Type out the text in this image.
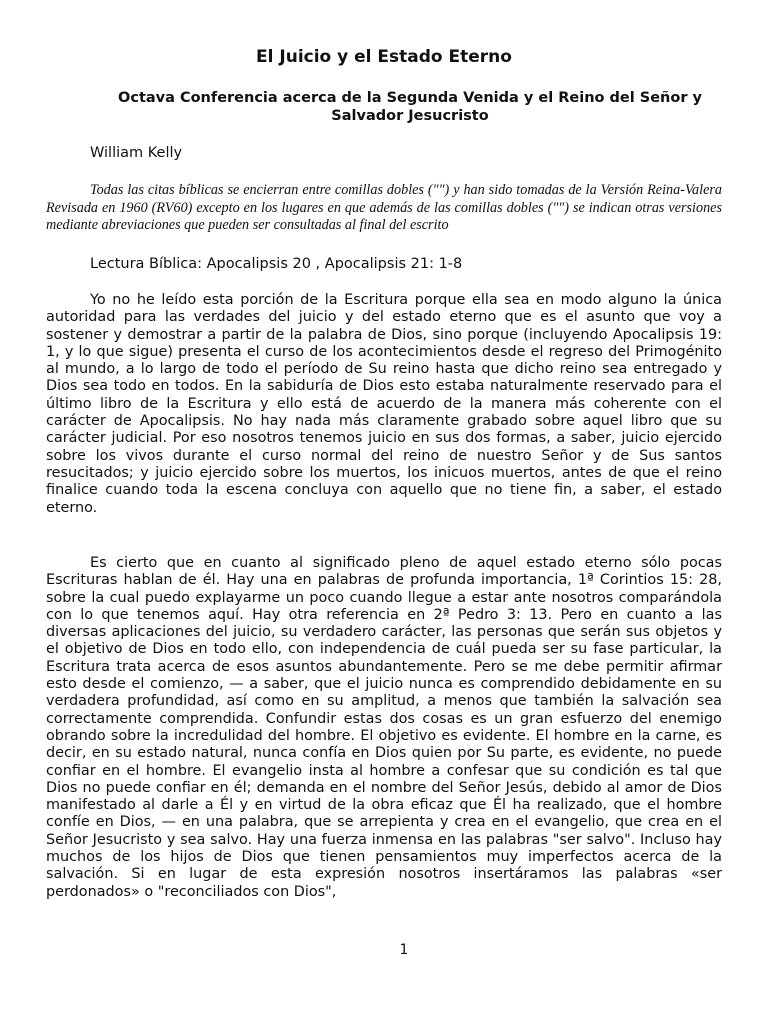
El Juicio y el Estado Eterno
Octava Conferencia acerca de la Segunda Venida y el Reino del Señor y Salvador Jesucristo
William Kelly
Todas las citas bíblicas se encierran entre comillas dobles ("") y han sido tomadas de la Versión Reina-Valera Revisada en 1960 (RV60) excepto en los lugares en que además de las comillas dobles ("") se indican otras versiones mediante abreviaciones que pueden ser consultadas al final del escrito
Lectura Bíblica: Apocalipsis 20 , Apocalipsis 21: 1-8
Yo no he leído esta porción de la Escritura porque ella sea en modo alguno la única autoridad para las verdades del juicio y del estado eterno que es el asunto que voy a sostener y demostrar a partir de la palabra de Dios, sino porque (incluyendo Apocalipsis 19: 1, y lo que sigue) presenta el curso de los acontecimientos desde el regreso del Primogénito al mundo, a lo largo de todo el período de Su reino hasta que dicho reino sea entregado y Dios sea todo en todos. En la sabiduría de Dios esto estaba naturalmente reservado para el último libro de la Escritura y ello está de acuerdo de la manera más coherente con el carácter de Apocalipsis. No hay nada más claramente grabado sobre aquel libro que su carácter judicial. Por eso nosotros tenemos juicio en sus dos formas, a saber, juicio ejercido sobre los vivos durante el curso normal del reino de nuestro Señor y de Sus santos resucitados; y juicio ejercido sobre los muertos, los inicuos muertos, antes de que el reino finalice cuando toda la escena concluya con aquello que no tiene fin, a saber, el estado eterno.
Es cierto que en cuanto al significado pleno de aquel estado eterno sólo pocas Escrituras hablan de él. Hay una en palabras de profunda importancia, 1ª Corintios 15: 28, sobre la cual puedo explayarme un poco cuando llegue a estar ante nosotros comparándola con lo que tenemos aquí. Hay otra referencia en 2ª Pedro 3: 13. Pero en cuanto a las diversas aplicaciones del juicio, su verdadero carácter, las personas que serán sus objetos y el objetivo de Dios en todo ello, con independencia de cuál pueda ser su fase particular, la Escritura trata acerca de esos asuntos abundantemente. Pero se me debe permitir afirmar esto desde el comienzo, — a saber, que el juicio nunca es comprendido debidamente en su verdadera profundidad, así como en su amplitud, a menos que también la salvación sea correctamente comprendida. Confundir estas dos cosas es un gran esfuerzo del enemigo obrando sobre la incredulidad del hombre. El objetivo es evidente. El hombre en la carne, es decir, en su estado natural, nunca confía en Dios quien por Su parte, es evidente, no puede confiar en el hombre. El evangelio insta al hombre a confesar que su condición es tal que Dios no puede confiar en él; demanda en el nombre del Señor Jesús, debido al amor de Dios manifestado al darle a Él y en virtud de la obra eficaz que Él ha realizado, que el hombre confíe en Dios, — en una palabra, que se arrepienta y crea en el evangelio, que crea en el Señor Jesucristo y sea salvo. Hay una fuerza inmensa en las palabras "ser salvo". Incluso hay muchos de los hijos de Dios que tienen pensamientos muy imperfectos acerca de la salvación. Si en lugar de esta expresión nosotros insertáramos las palabras «ser perdonados» o "reconciliados con Dios",
1
